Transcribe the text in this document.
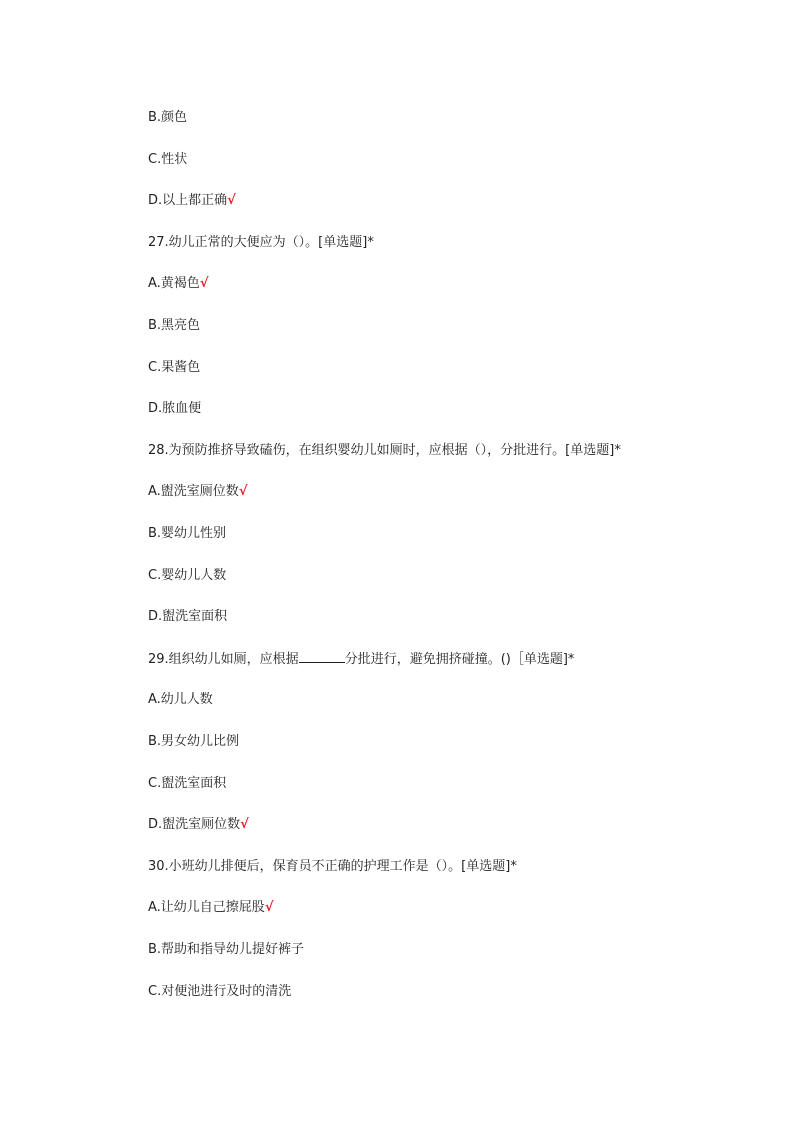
B.颜色
C.性状
D.以上都正确√
27.幼儿正常的大便应为（）。[单选题]*
A.黄褐色√
B.黑亮色
C.果酱色
D.脓血便
28.为预防推挤导致磕伤，在组织婴幼儿如厕时，应根据（），分批进行。[单选题]*
A.盥洗室厕位数√
B.婴幼儿性别
C.婴幼儿人数
D.盥洗室面积
29.组织幼儿如厕，应根据	分批进行，避免拥挤碰撞。()［单选题]*
A.幼儿人数
B.男女幼儿比例
C.盥洗室面积
D.盥洗室厕位数√
30.小班幼儿排便后，保育员不正确的护理工作是（）。[单选题]*
A.让幼儿自己擦屁股√
B.帮助和指导幼儿提好裤子
C.对便池进行及时的清洗
